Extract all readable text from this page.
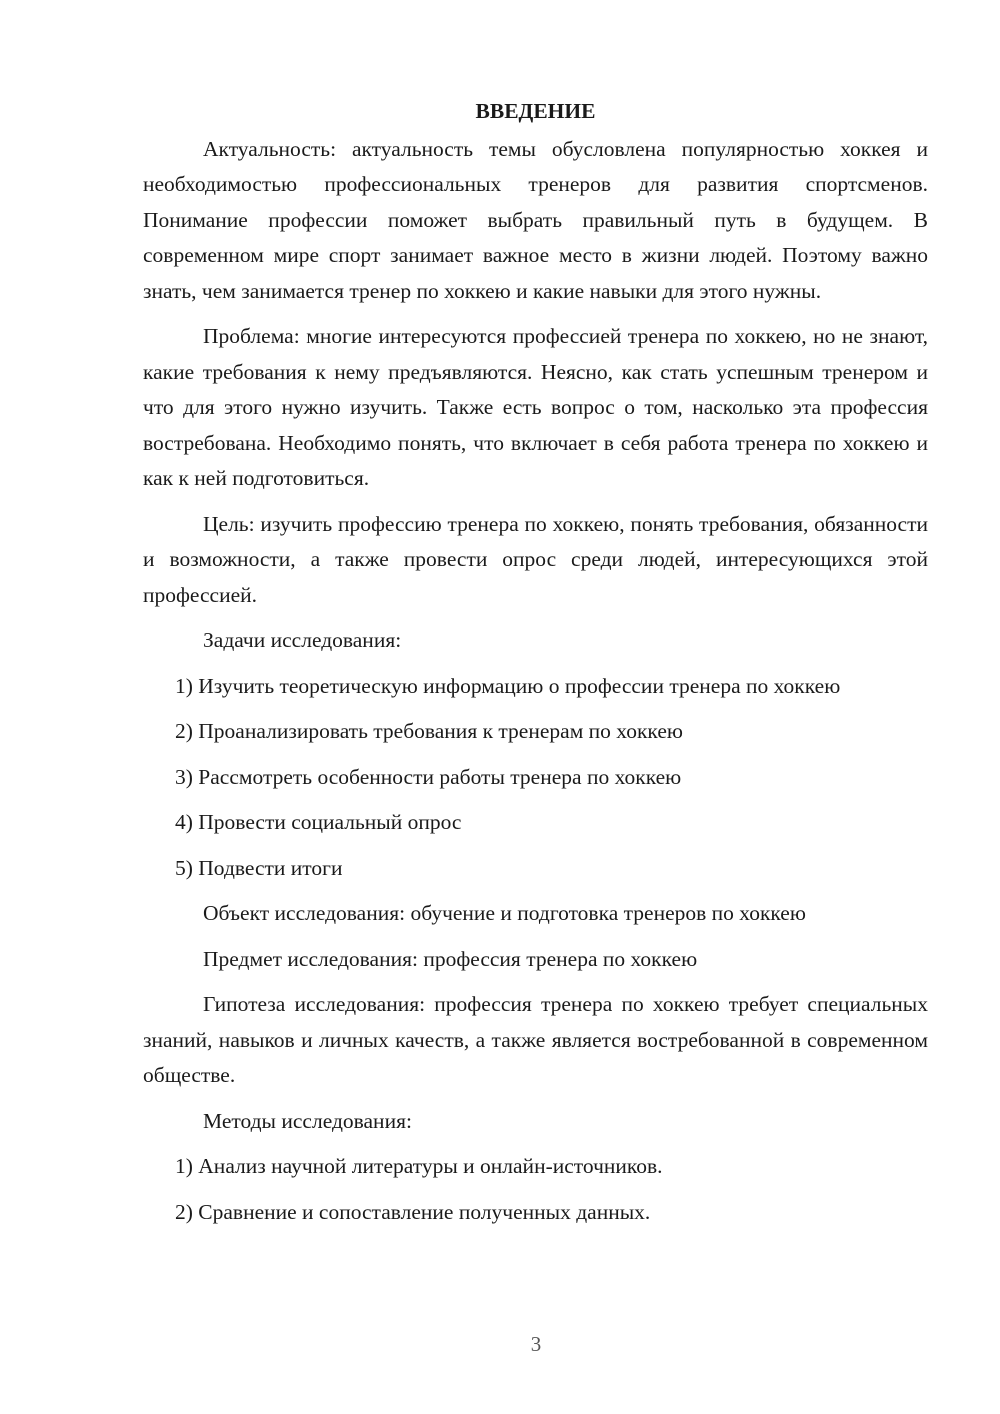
ВВЕДЕНИЕ

Актуальность: актуальность темы обусловлена популярностью хоккея и необходимостью профессиональных тренеров для развития спортсменов. Понимание профессии поможет выбрать правильный путь в будущем. В современном мире спорт занимает важное место в жизни людей. Поэтому важно знать, чем занимается тренер по хоккею и какие навыки для этого нужны.

Проблема: многие интересуются профессией тренера по хоккею, но не знают, какие требования к нему предъявляются. Неясно, как стать успешным тренером и что для этого нужно изучить. Также есть вопрос о том, насколько эта профессия востребована. Необходимо понять, что включает в себя работа тренера по хоккею и как к ней подготовиться.

Цель: изучить профессию тренера по хоккею, понять требования, обязанности и возможности, а также провести опрос среди людей, интересующихся этой профессией.

Задачи исследования:

1) Изучить теоретическую информацию о профессии тренера по хоккею

2) Проанализировать требования к тренерам по хоккею

3) Рассмотреть особенности работы тренера по хоккею

4) Провести социальный опрос

5) Подвести итоги

Объект исследования: обучение и подготовка тренеров по хоккею

Предмет исследования: профессия тренера по хоккею

Гипотеза исследования: профессия тренера по хоккею требует специальных знаний, навыков и личных качеств, а также является востребованной в современном обществе.

Методы исследования:

1) Анализ научной литературы и онлайн-источников.

2) Сравнение и сопоставление полученных данных.

3
